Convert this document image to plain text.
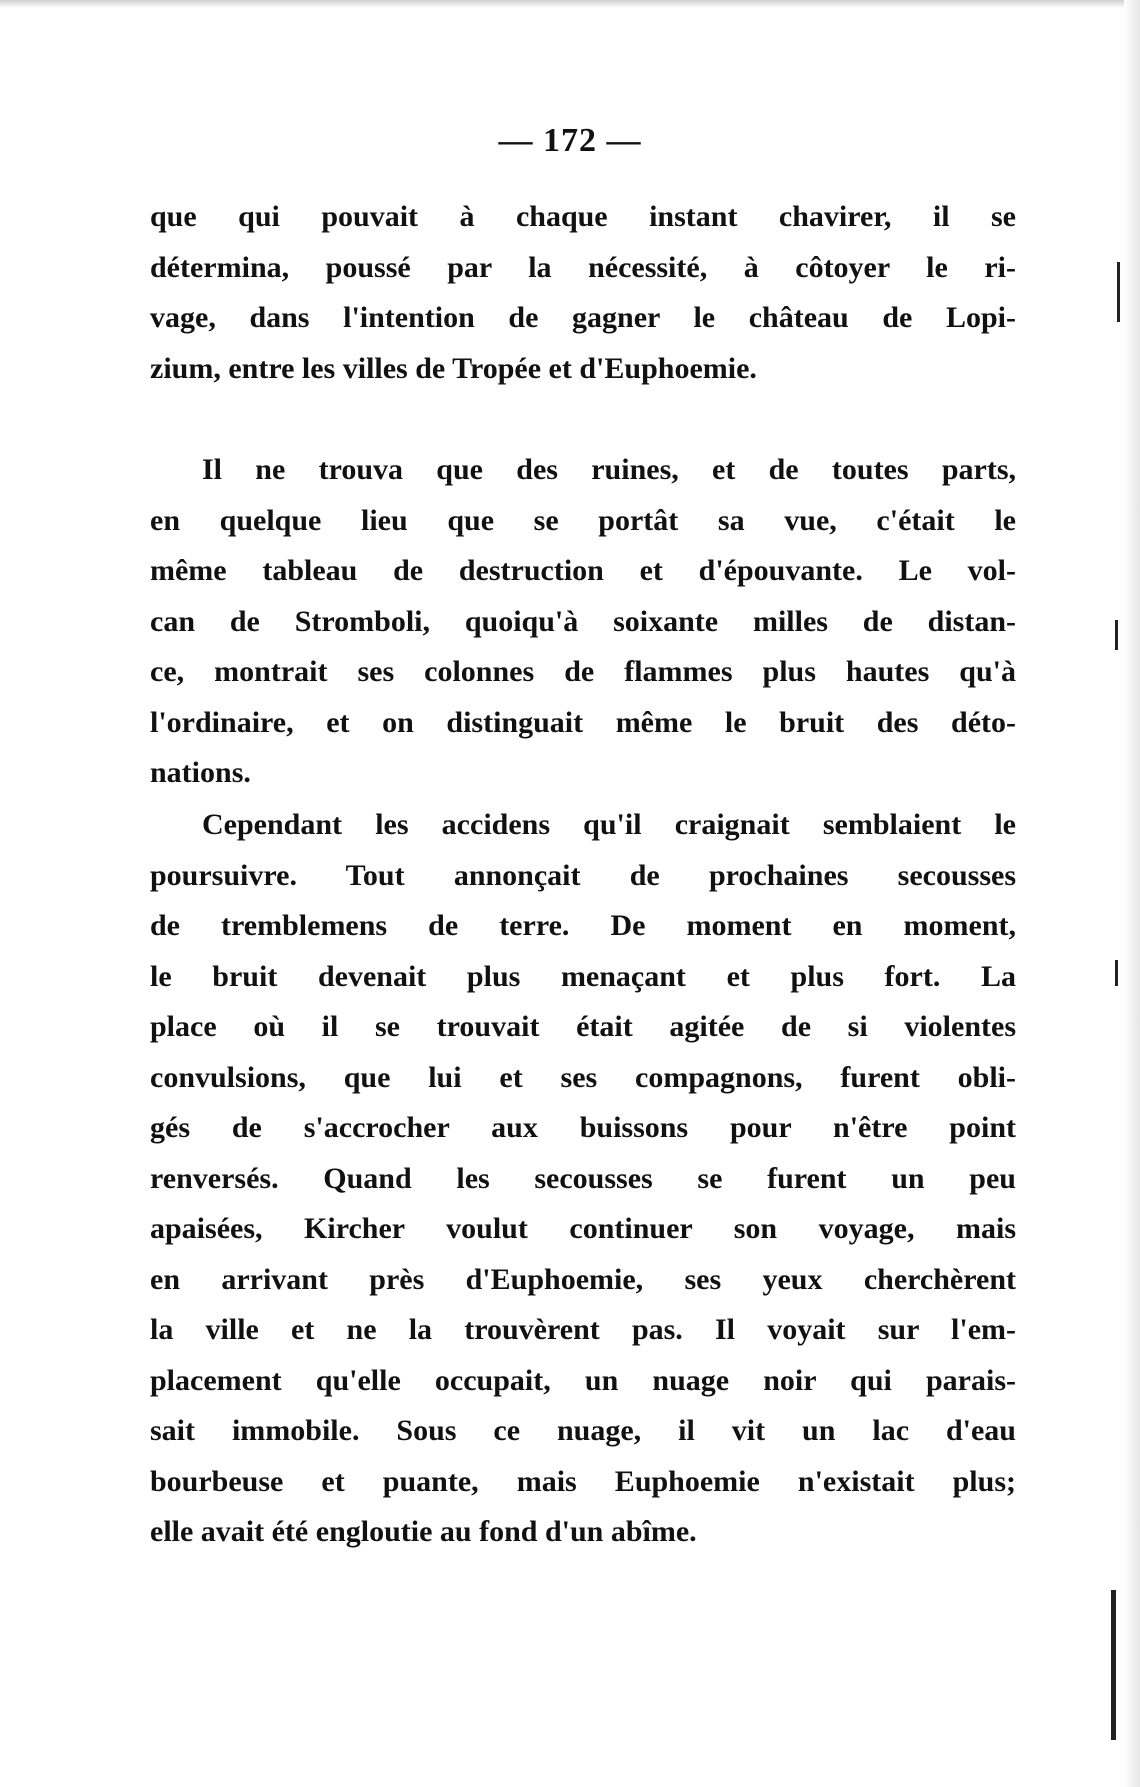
— 172 —
que qui pouvait à chaque instant chavirer, il se
détermina, poussé par la nécessité, à côtoyer le ri-
vage, dans l'intention de gagner le château de Lopi-
zium, entre les villes de Tropée et d'Euphoemie.
Il ne trouva que des ruines, et de toutes parts,
en quelque lieu que se portât sa vue, c'était le
même tableau de destruction et d'épouvante. Le vol-
can de Stromboli, quoiqu'à soixante milles de distan-
ce, montrait ses colonnes de flammes plus hautes qu'à
l'ordinaire, et on distinguait même le bruit des déto-
nations.
Cependant les accidens qu'il craignait semblaient le
poursuivre. Tout annonçait de prochaines secousses
de tremblemens de terre. De moment en moment,
le bruit devenait plus menaçant et plus fort. La
place où il se trouvait était agitée de si violentes
convulsions, que lui et ses compagnons, furent obli-
gés de s'accrocher aux buissons pour n'être point
renversés. Quand les secousses se furent un peu
apaisées, Kircher voulut continuer son voyage, mais
en arrivant près d'Euphoemie, ses yeux cherchèrent
la ville et ne la trouvèrent pas. Il voyait sur l'em-
placement qu'elle occupait, un nuage noir qui parais-
sait immobile. Sous ce nuage, il vit un lac d'eau
bourbeuse et puante, mais Euphoemie n'existait plus;
elle avait été engloutie au fond d'un abîme.
